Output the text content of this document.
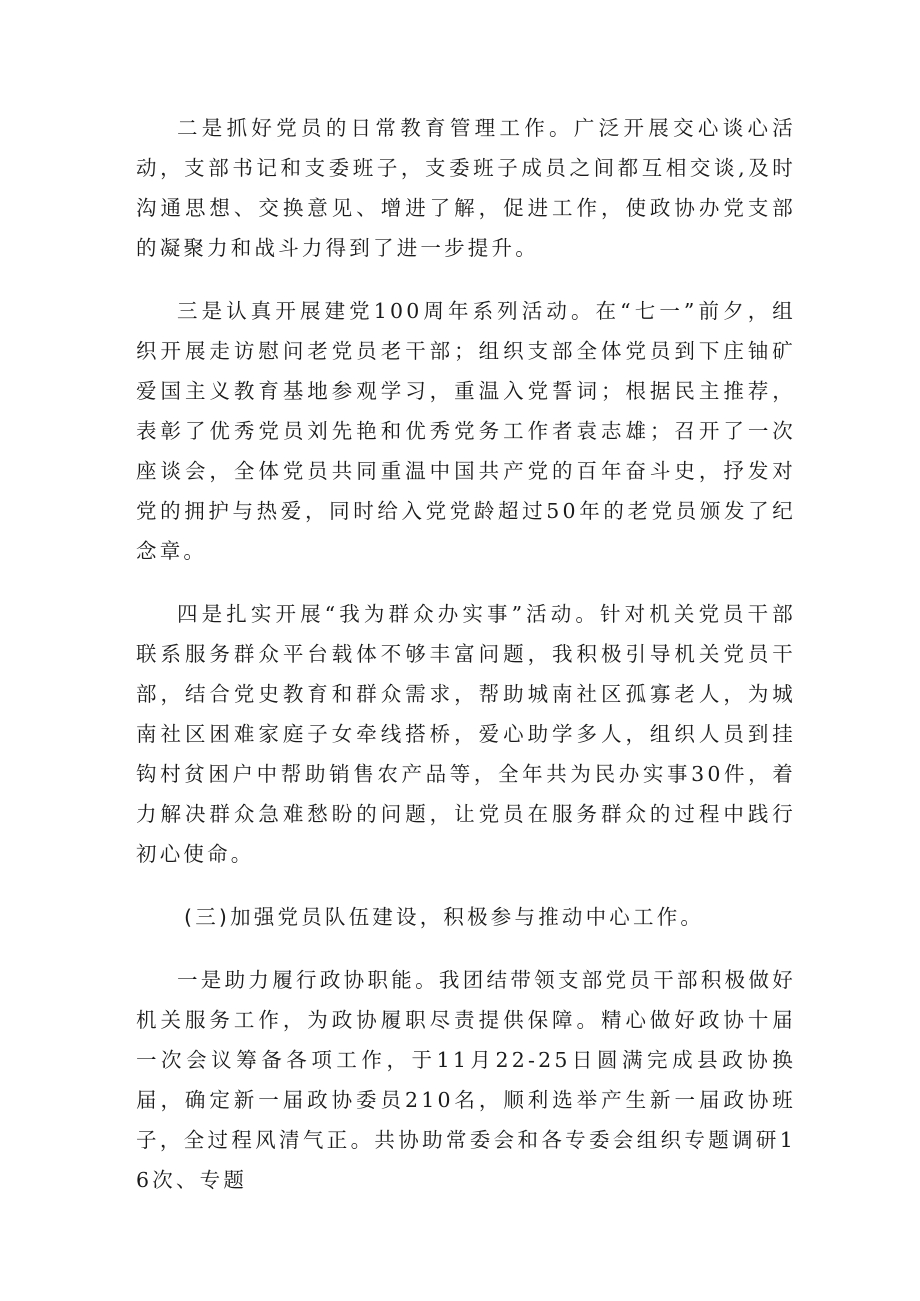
二是抓好党员的日常教育管理工作。广泛开展交心谈心活动，支部书记和支委班子，支委班子成员之间都互相交谈,及时沟通思想、交换意见、增进了解，促进工作，使政协办党支部的凝聚力和战斗力得到了进一步提升。

三是认真开展建党100周年系列活动。在“七一”前夕，组织开展走访慰问老党员老干部；组织支部全体党员到下庄铀矿爱国主义教育基地参观学习，重温入党誓词；根据民主推荐，表彰了优秀党员刘先艳和优秀党务工作者袁志雄；召开了一次座谈会，全体党员共同重温中国共产党的百年奋斗史，抒发对党的拥护与热爱，同时给入党党龄超过50年的老党员颁发了纪念章。

四是扎实开展“我为群众办实事”活动。针对机关党员干部联系服务群众平台载体不够丰富问题，我积极引导机关党员干部，结合党史教育和群众需求，帮助城南社区孤寡老人，为城南社区困难家庭子女牵线搭桥，爱心助学多人，组织人员到挂钩村贫困户中帮助销售农产品等，全年共为民办实事30件，着力解决群众急难愁盼的问题，让党员在服务群众的过程中践行初心使命。

(三)加强党员队伍建设，积极参与推动中心工作。

一是助力履行政协职能。我团结带领支部党员干部积极做好机关服务工作，为政协履职尽责提供保障。精心做好政协十届一次会议筹备各项工作，于11月22-25日圆满完成县政协换届，确定新一届政协委员210名，顺利选举产生新一届政协班子，全过程风清气正。共协助常委会和各专委会组织专题调研16次、专题
